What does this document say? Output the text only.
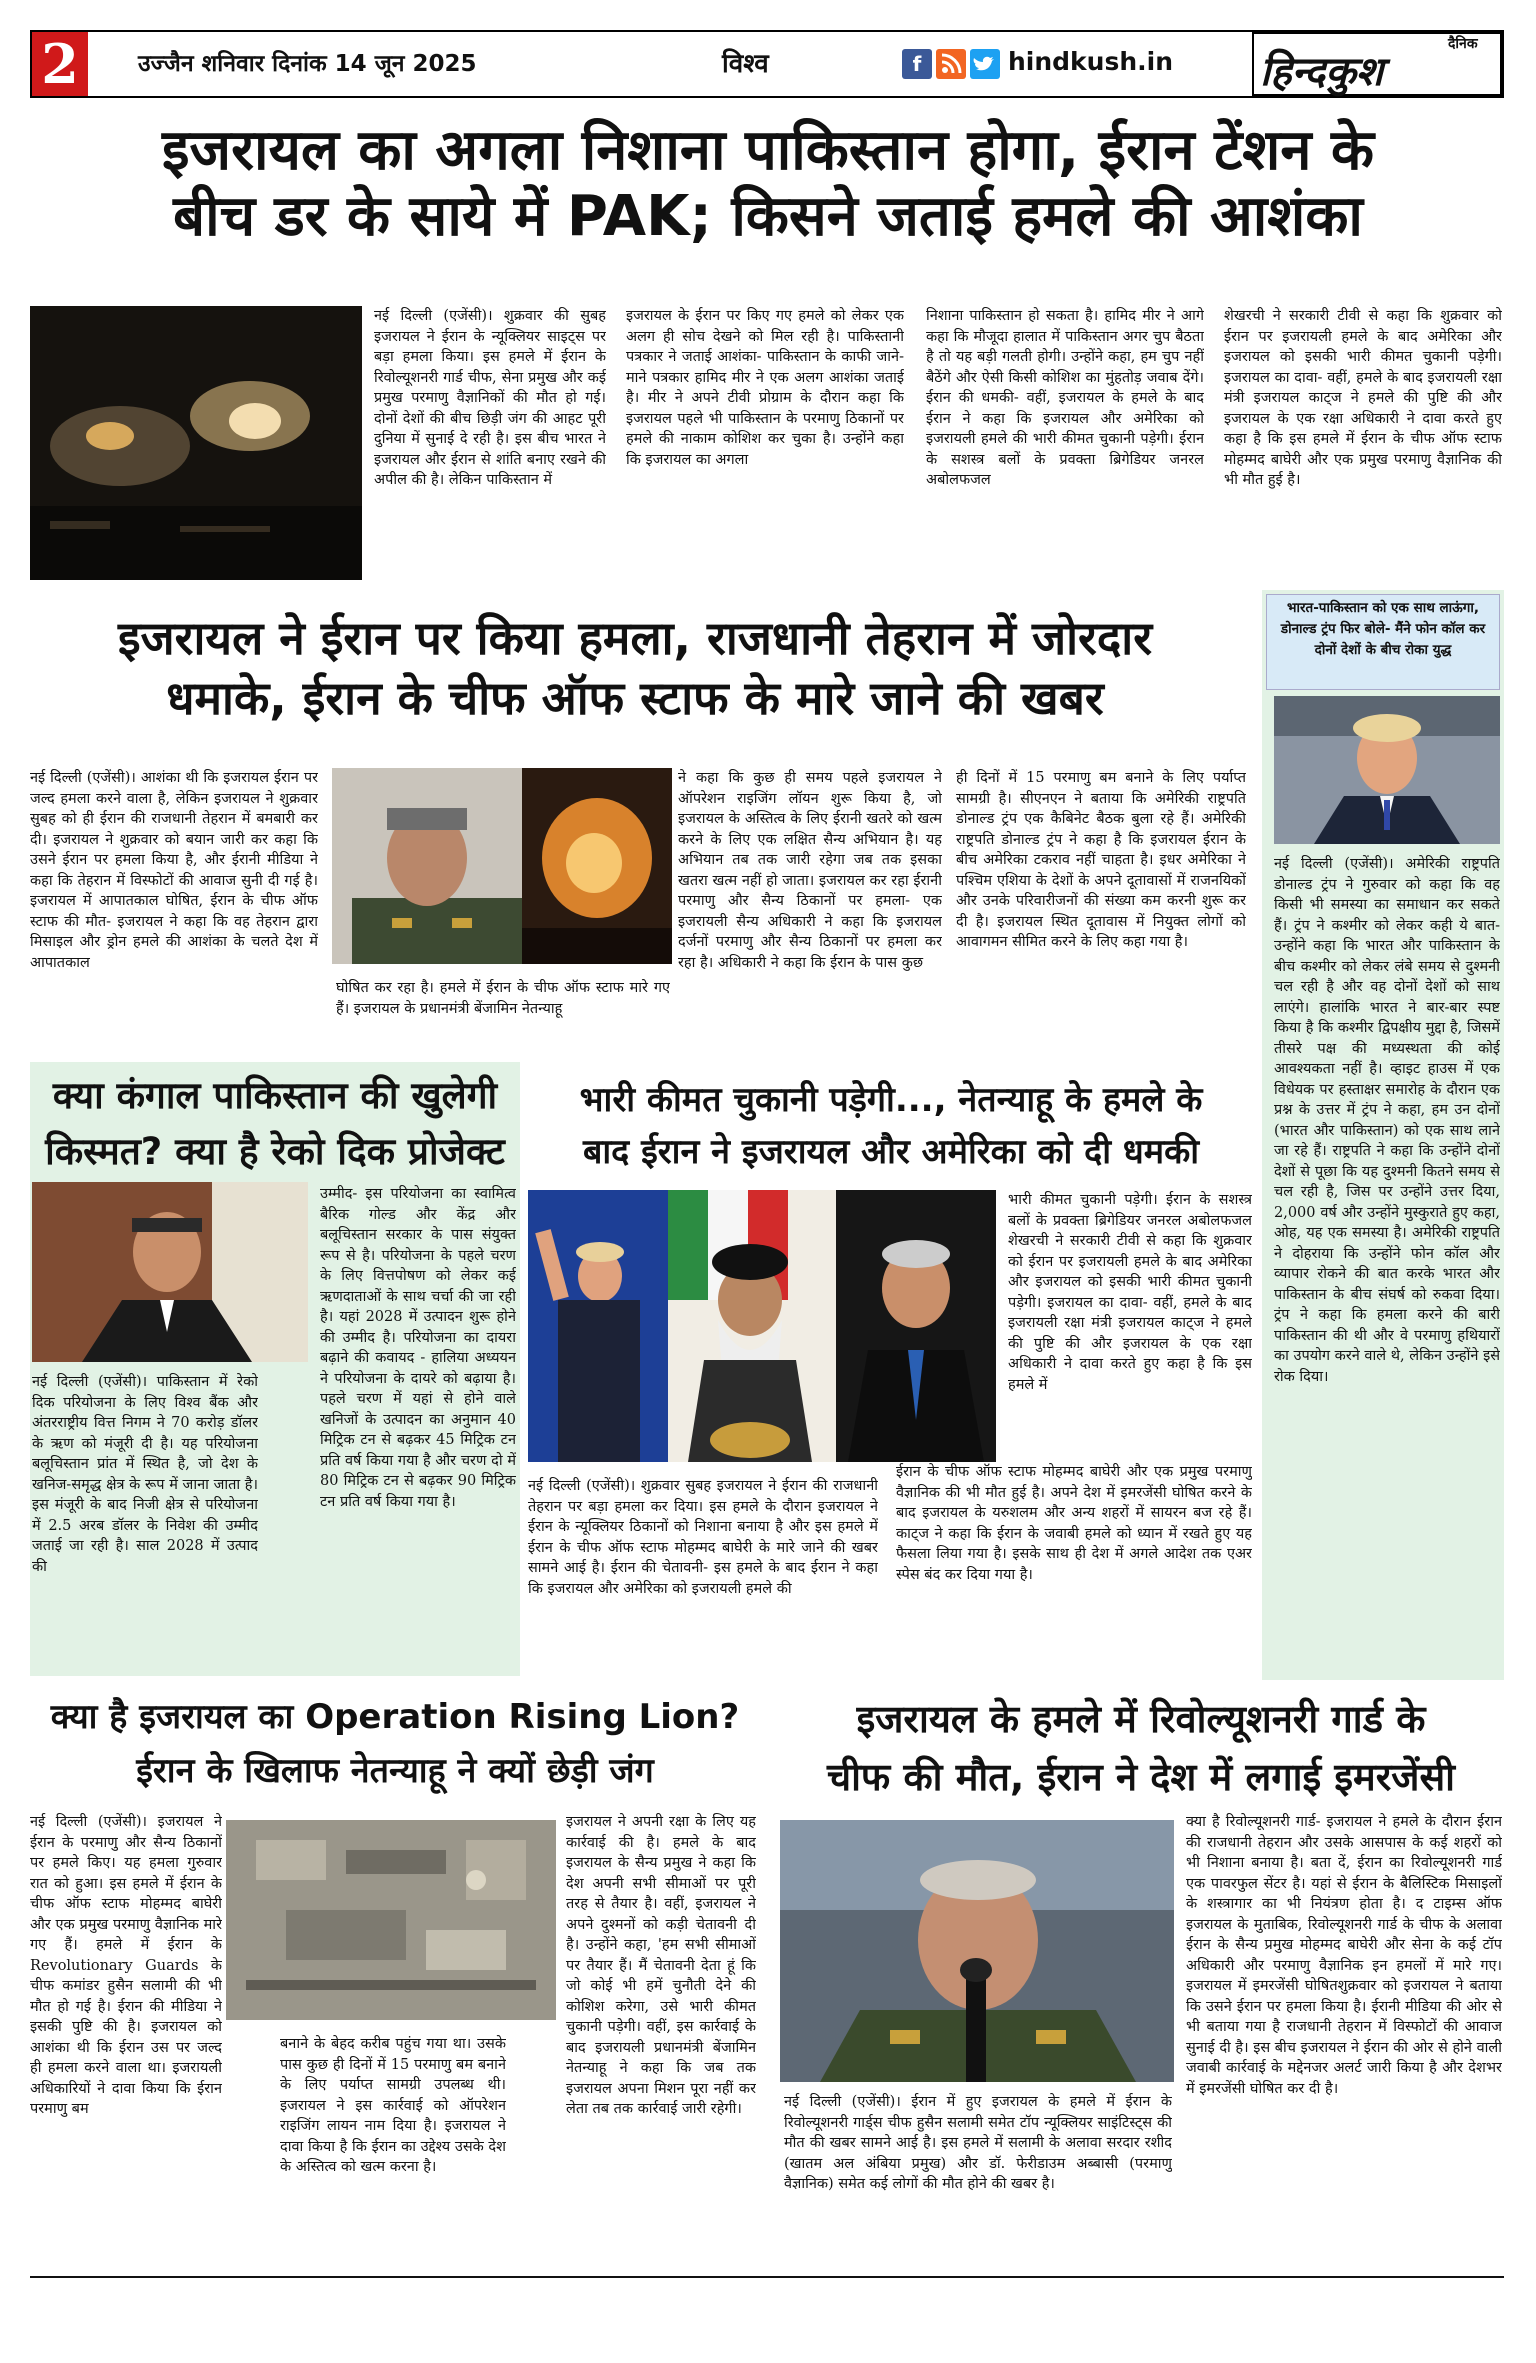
2	उज्जैन शनिवार दिनांक 14 जून 2025	विश्व	f	hindkush.in
दैनिक
हिन्दकुश
इजरायल का अगला निशाना पाकिस्तान होगा, ईरान टेंशन के
बीच डर के साये में PAK; किसने जताई हमले की आशंका
नई दिल्ली (एजेंसी)। शुक्रवार की सुबह इजरायल ने ईरान के न्यूक्लियर साइट्स पर बड़ा हमला किया। इस हमले में ईरान के रिवोल्यूशनरी गार्ड चीफ, सेना प्रमुख और कई प्रमुख परमाणु वैज्ञानिकों की मौत हो गई। दोनों देशों की बीच छिड़ी जंग की आहट पूरी दुनिया में सुनाई दे रही है। इस बीच भारत ने इजरायल और ईरान से शांति बनाए रखने की अपील की है। लेकिन पाकिस्तान में
इजरायल के ईरान पर किए गए हमले को लेकर एक अलग ही सोच देखने को मिल रही है। पाकिस्तानी पत्रकार ने जताई आशंका- पाकिस्तान के काफी जाने-माने पत्रकार हामिद मीर ने एक अलग आशंका जताई है। मीर ने अपने टीवी प्रोग्राम के दौरान कहा कि इजरायल पहले भी पाकिस्तान के परमाणु ठिकानों पर हमले की नाकाम कोशिश कर चुका है। उन्होंने कहा कि इजरायल का अगला
निशाना पाकिस्तान हो सकता है। हामिद मीर ने आगे कहा कि मौजूदा हालात में पाकिस्तान अगर चुप बैठता है तो यह बड़ी गलती होगी। उन्होंने कहा, हम चुप नहीं बैठेंगे और ऐसी किसी कोशिश का मुंहतोड़ जवाब देंगे। ईरान की धमकी- वहीं, इजरायल के हमले के बाद ईरान ने कहा कि इजरायल और अमेरिका को इजरायली हमले की भारी कीमत चुकानी पड़ेगी। ईरान के सशस्त्र बलों के प्रवक्ता ब्रिगेडियर जनरल अबोलफजल
शेखरची ने सरकारी टीवी से कहा कि शुक्रवार को ईरान पर इजरायली हमले के बाद अमेरिका और इजरायल को इसकी भारी कीमत चुकानी पड़ेगी। इजरायल का दावा- वहीं, हमले के बाद इजरायली रक्षा मंत्री इजरायल काट्ज ने हमले की पुष्टि की और इजरायल के एक रक्षा अधिकारी ने दावा करते हुए कहा है कि इस हमले में ईरान के चीफ ऑफ स्टाफ मोहम्मद बाघेरी और एक प्रमुख परमाणु वैज्ञानिक की भी मौत हुई है।
इजरायल ने ईरान पर किया हमला, राजधानी तेहरान में जोरदार
धमाके, ईरान के चीफ ऑफ स्टाफ के मारे जाने की खबर
नई दिल्ली (एजेंसी)। आशंका थी कि इजरायल ईरान पर जल्द हमला करने वाला है, लेकिन इजरायल ने शुक्रवार सुबह को ही ईरान की राजधानी तेहरान में बमबारी कर दी। इजरायल ने शुक्रवार को बयान जारी कर कहा कि उसने ईरान पर हमला किया है, और ईरानी मीडिया ने कहा कि तेहरान में विस्फोटों की आवाज सुनी दी गई है। इजरायल में आपातकाल घोषित, ईरान के चीफ ऑफ स्टाफ की मौत- इजरायल ने कहा कि वह तेहरान द्वारा मिसाइल और ड्रोन हमले की आशंका के चलते देश में आपातकाल
घोषित कर रहा है। हमले में ईरान के चीफ ऑफ स्टाफ मारे गए हैं। इजरायल के प्रधानमंत्री बेंजामिन नेतन्याहू
ने कहा कि कुछ ही समय पहले इजरायल ने ऑपरेशन राइजिंग लॉयन शुरू किया है, जो इजरायल के अस्तित्व के लिए ईरानी खतरे को खत्म करने के लिए एक लक्षित सैन्य अभियान है। यह अभियान तब तक जारी रहेगा जब तक इसका खतरा खत्म नहीं हो जाता। इजरायल कर रहा ईरानी परमाणु और सैन्य ठिकानों पर हमला- एक इजरायली सैन्य अधिकारी ने कहा कि इजरायल दर्जनों परमाणु और सैन्य ठिकानों पर हमला कर रहा है। अधिकारी ने कहा कि ईरान के पास कुछ
ही दिनों में 15 परमाणु बम बनाने के लिए पर्याप्त सामग्री है। सीएनएन ने बताया कि अमेरिकी राष्ट्रपति डोनाल्ड ट्रंप एक कैबिनेट बैठक बुला रहे हैं। अमेरिकी राष्ट्रपति डोनाल्ड ट्रंप ने कहा है कि इजरायल ईरान के बीच अमेरिका टकराव नहीं चाहता है। इधर अमेरिका ने पश्चिम एशिया के देशों के अपने दूतावासों में राजनयिकों और उनके परिवारीजनों की संख्या कम करनी शुरू कर दी है। इजरायल स्थित दूतावास में नियुक्त लोगों को आवागमन सीमित करने के लिए कहा गया है।
भारत-पाकिस्तान को एक साथ लाऊंगा, डोनाल्ड ट्रंप फिर बोले- मैंने फोन कॉल कर दोनों देशों के बीच रोका युद्ध
नई दिल्ली (एजेंसी)। अमेरिकी राष्ट्रपति डोनाल्ड ट्रंप ने गुरुवार को कहा कि वह किसी भी समस्या का समाधान कर सकते हैं। ट्रंप ने कश्मीर को लेकर कही ये बात- उन्होंने कहा कि भारत और पाकिस्तान के बीच कश्मीर को लेकर लंबे समय से दुश्मनी चल रही है और वह दोनों देशों को साथ लाएंगे। हालांकि भारत ने बार-बार स्पष्ट किया है कि कश्मीर द्विपक्षीय मुद्दा है, जिसमें तीसरे पक्ष की मध्यस्थता की कोई आवश्यकता नहीं है। व्हाइट हाउस में एक विधेयक पर हस्ताक्षर समारोह के दौरान एक प्रश्न के उत्तर में ट्रंप ने कहा, हम उन दोनों (भारत और पाकिस्तान) को एक साथ लाने जा रहे हैं। राष्ट्रपति ने कहा कि उन्होंने दोनों देशों से पूछा कि यह दुश्मनी कितने समय से चल रही है, जिस पर उन्होंने उत्तर दिया, 2,000 वर्ष और उन्होंने मुस्कुराते हुए कहा, ओह, यह एक समस्या है। अमेरिकी राष्ट्रपति ने दोहराया कि उन्होंने फोन कॉल और व्यापार रोकने की बात करके भारत और पाकिस्तान के बीच संघर्ष को रुकवा दिया। ट्रंप ने कहा कि हमला करने की बारी पाकिस्तान की थी और वे परमाणु हथियारों का उपयोग करने वाले थे, लेकिन उन्होंने इसे रोक दिया।
क्या कंगाल पाकिस्तान की खुलेगी
किस्मत? क्या है रेको दिक प्रोजेक्ट
नई दिल्ली (एजेंसी)। पाकिस्तान में रेको दिक परियोजना के लिए विश्व बैंक और अंतरराष्ट्रीय वित्त निगम ने 70 करोड़ डॉलर के ऋण को मंजूरी दी है। यह परियोजना बलूचिस्तान प्रांत में स्थित है, जो देश के खनिज-समृद्ध क्षेत्र के रूप में जाना जाता है। इस मंजूरी के बाद निजी क्षेत्र से परियोजना में 2.5 अरब डॉलर के निवेश की उम्मीद जताई जा रही है। साल 2028 में उत्पाद की
उम्मीद- इस परियोजना का स्वामित्व बैरिक गोल्ड और केंद्र और बलूचिस्तान सरकार के पास संयुक्त रूप से है। परियोजना के पहले चरण के लिए वित्तपोषण को लेकर कई ऋणदाताओं के साथ चर्चा की जा रही है। यहां 2028 में उत्पादन शुरू होने की उम्मीद है। परियोजना का दायरा बढ़ाने की कवायद - हालिया अध्ययन ने परियोजना के दायरे को बढ़ाया है। पहले चरण में यहां से होने वाले खनिजों के उत्पादन का अनुमान 40 मिट्रिक टन से बढ़कर 45 मिट्रिक टन प्रति वर्ष किया गया है और चरण दो में 80 मिट्रिक टन से बढ़कर 90 मिट्रिक टन प्रति वर्ष किया गया है।
भारी कीमत चुकानी पड़ेगी..., नेतन्याहू के हमले के
बाद ईरान ने इजरायल और अमेरिका को दी धमकी
भारी कीमत चुकानी पड़ेगी। ईरान के सशस्त्र बलों के प्रवक्ता ब्रिगेडियर जनरल अबोलफजल शेखरची ने सरकारी टीवी से कहा कि शुक्रवार को ईरान पर इजरायली हमले के बाद अमेरिका और इजरायल को इसकी भारी कीमत चुकानी पड़ेगी। इजरायल का दावा- वहीं, हमले के बाद इजरायली रक्षा मंत्री इजरायल काट्ज ने हमले की पुष्टि की और इजरायल के एक रक्षा अधिकारी ने दावा करते हुए कहा है कि इस हमले में
नई दिल्ली (एजेंसी)। शुक्रवार सुबह इजरायल ने ईरान की राजधानी तेहरान पर बड़ा हमला कर दिया। इस हमले के दौरान इजरायल ने ईरान के न्यूक्लियर ठिकानों को निशाना बनाया है और इस हमले में ईरान के चीफ ऑफ स्टाफ मोहम्मद बाघेरी के मारे जाने की खबर सामने आई है। ईरान की चेतावनी- इस हमले के बाद ईरान ने कहा कि इजरायल और अमेरिका को इजरायली हमले की
ईरान के चीफ ऑफ स्टाफ मोहम्मद बाघेरी और एक प्रमुख परमाणु वैज्ञानिक की भी मौत हुई है। अपने देश में इमरजेंसी घोषित करने के बाद इजरायल के यरुशलम और अन्य शहरों में सायरन बज रहे हैं। काट्ज ने कहा कि ईरान के जवाबी हमले को ध्यान में रखते हुए यह फैसला लिया गया है। इसके साथ ही देश में अगले आदेश तक एअर स्पेस बंद कर दिया गया है।
क्या है इजरायल का Operation Rising Lion?
ईरान के खिलाफ नेतन्याहू ने क्यों छेड़ी जंग
नई दिल्ली (एजेंसी)। इजरायल ने ईरान के परमाणु और सैन्य ठिकानों पर हमले किए। यह हमला गुरुवार रात को हुआ। इस हमले में ईरान के चीफ ऑफ स्टाफ मोहम्मद बाघेरी और एक प्रमुख परमाणु वैज्ञानिक मारे गए हैं। हमले में ईरान के Revolutionary Guards के चीफ कमांडर हुसैन सलामी की भी मौत हो गई है। ईरान की मीडिया ने इसकी पुष्टि की है। इजरायल को आशंका थी कि ईरान उस पर जल्द ही हमला करने वाला था। इजरायली अधिकारियों ने दावा किया कि ईरान परमाणु बम
बनाने के बेहद करीब पहुंच गया था। उसके पास कुछ ही दिनों में 15 परमाणु बम बनाने के लिए पर्याप्त सामग्री उपलब्ध थी। इजरायल ने इस कार्रवाई को ऑपरेशन राइजिंग लायन नाम दिया है। इजरायल ने दावा किया है कि ईरान का उद्देश्य उसके देश के अस्तित्व को खत्म करना है।
इजरायल ने अपनी रक्षा के लिए यह कार्रवाई की है। हमले के बाद इजरायल के सैन्य प्रमुख ने कहा कि देश अपनी सभी सीमाओं पर पूरी तरह से तैयार है। वहीं, इजरायल ने अपने दुश्मनों को कड़ी चेतावनी दी है। उन्होंने कहा, 'हम सभी सीमाओं पर तैयार हैं। मैं चेतावनी देता हूं कि जो कोई भी हमें चुनौती देने की कोशिश करेगा, उसे भारी कीमत चुकानी पड़ेगी। वहीं, इस कार्रवाई के बाद इजरायली प्रधानमंत्री बेंजामिन नेतन्याहू ने कहा कि जब तक इजरायल अपना मिशन पूरा नहीं कर लेता तब तक कार्रवाई जारी रहेगी।
इजरायल के हमले में रिवोल्यूशनरी गार्ड के
चीफ की मौत, ईरान ने देश में लगाई इमरजेंसी
क्या है रिवोल्यूशनरी गार्ड- इजरायल ने हमले के दौरान ईरान की राजधानी तेहरान और उसके आसपास के कई शहरों को भी निशाना बनाया है। बता दें, ईरान का रिवोल्यूशनरी गार्ड एक पावरफुल सेंटर है। यहां से ईरान के बैलिस्टिक मिसाइलों के शस्त्रागार का भी नियंत्रण होता है। द टाइम्स ऑफ इजरायल के मुताबिक, रिवोल्यूशनरी गार्ड के चीफ के अलावा ईरान के सैन्य प्रमुख मोहम्मद बाघेरी और सेना के कई टॉप अधिकारी और परमाणु वैज्ञानिक इन हमलों में मारे गए। इजरायल में इमरजेंसी घोषितशुक्रवार को इजरायल ने बताया कि उसने ईरान पर हमला किया है। ईरानी मीडिया की ओर से भी बताया गया है राजधानी तेहरान में विस्फोटों की आवाज सुनाई दी है। इस बीच इजरायल ने ईरान की ओर से होने वाली जवाबी कार्रवाई के मद्देनजर अलर्ट जारी किया है और देशभर में इमरजेंसी घोषित कर दी है।
नई दिल्ली (एजेंसी)। ईरान में हुए इजरायल के हमले में ईरान के रिवोल्यूशनरी गार्ड्स चीफ हुसैन सलामी समेत टॉप न्यूक्लियर साइंटिस्ट्स की मौत की खबर सामने आई है। इस हमले में सलामी के अलावा सरदार रशीद (खातम अल अंबिया प्रमुख) और डॉ. फेरीडाउम अब्बासी (परमाणु वैज्ञानिक) समेत कई लोगों की मौत होने की खबर है।
